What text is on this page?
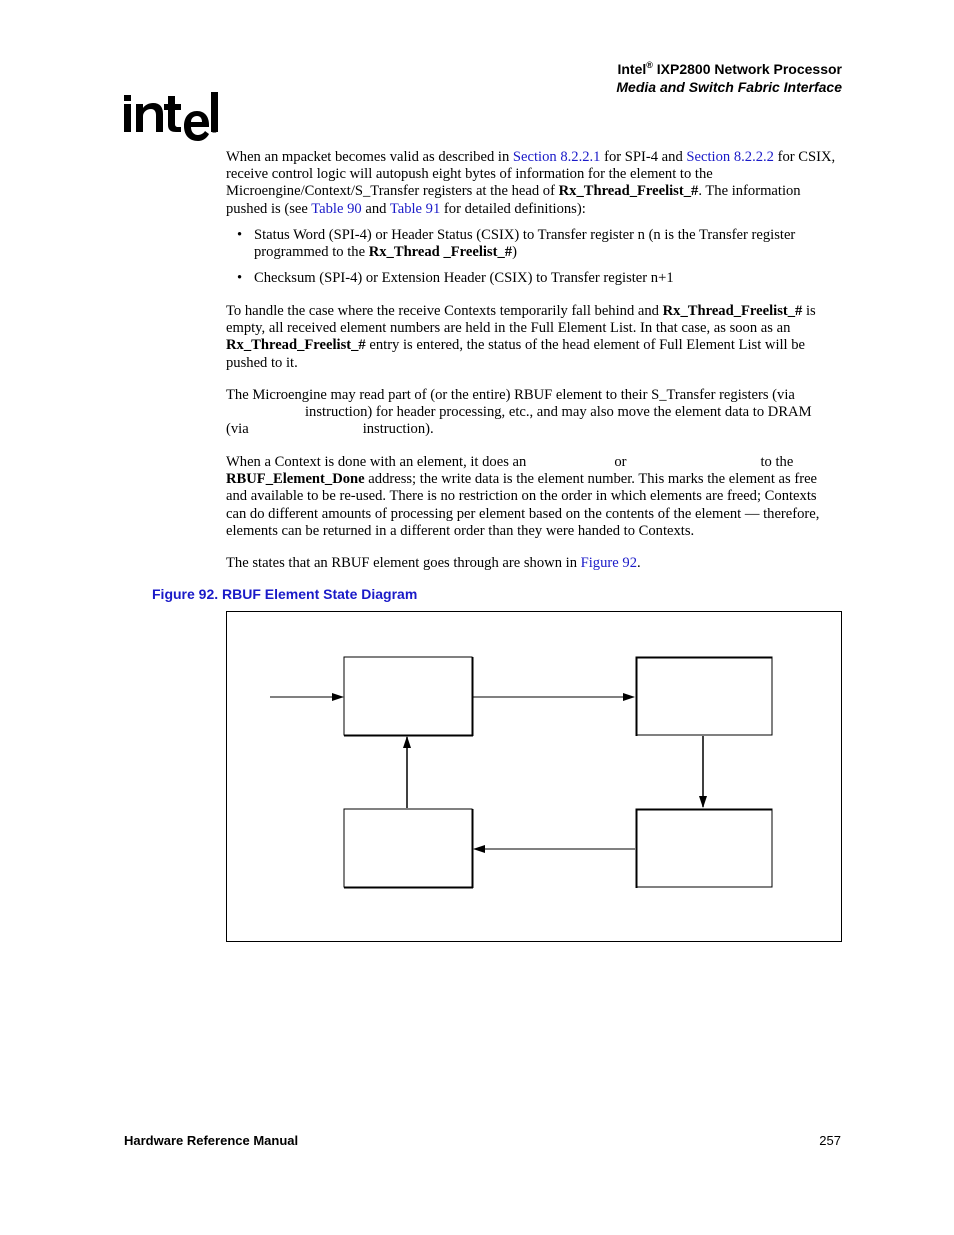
Intel® IXP2800 Network Processor
Media and Switch Fabric Interface
®

When an mpacket becomes valid as described in Section 8.2.2.1 for SPI-4 and Section 8.2.2.2 for CSIX, receive control logic will autopush eight bytes of information for the element to the Microengine/Context/S_Transfer registers at the head of Rx_Thread_Freelist_#. The information pushed is (see Table 90 and Table 91 for detailed definitions):

• Status Word (SPI-4) or Header Status (CSIX) to Transfer register n (n is the Transfer register programmed to the Rx_Thread _Freelist_#)
• Checksum (SPI-4) or Extension Header (CSIX) to Transfer register n+1

To handle the case where the receive Contexts temporarily fall behind and Rx_Thread_Freelist_# is empty, all received element numbers are held in the Full Element List. In that case, as soon as an Rx_Thread_Freelist_# entry is entered, the status of the head element of Full Element List will be pushed to it.

The Microengine may read part of (or the entire) RBUF element to their S_Transfer registers (via
instruction) for header processing, etc., and may also move the element data to DRAM
(via	instruction).
When a Context is done with an element, it does an	or	to the

RBUF_Element_Done address; the write data is the element number. This marks the element as free and available to be re-used. There is no restriction on the order in which elements are freed; Contexts can do different amounts of processing per element based on the contents of the element — therefore, elements can be returned in a different order than they were handed to Contexts.

The states that an RBUF element goes through are shown in Figure 92.

Figure 92. RBUF Element State Diagram
Hardware Reference Manual	257
